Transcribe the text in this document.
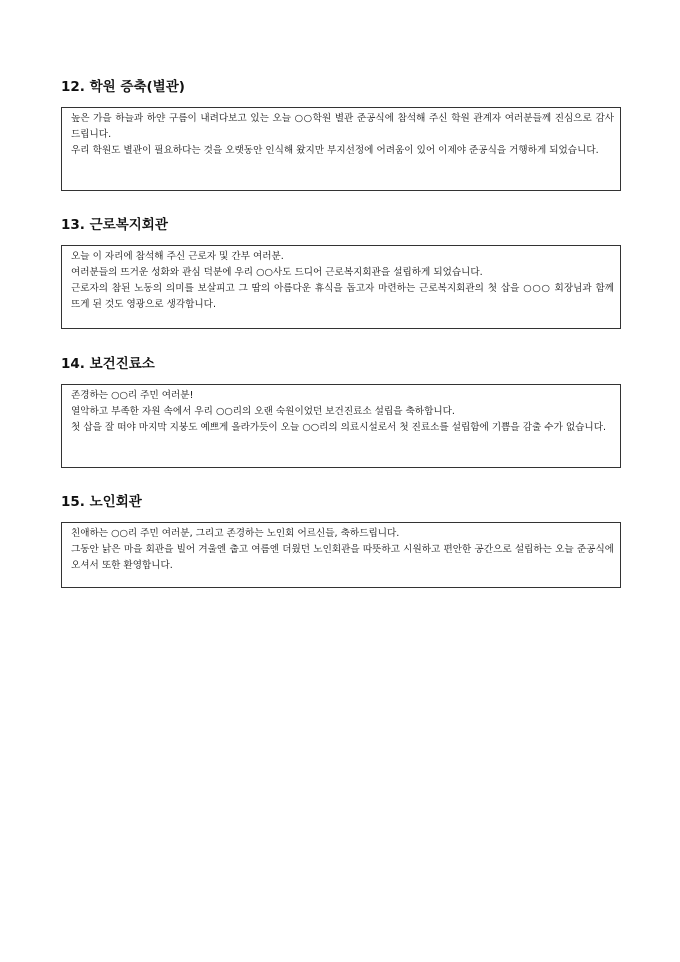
12. 학원 증축(별관)

높은 가을 하늘과 하얀 구름이 내려다보고 있는 오늘 ○○학원 별관 준공식에 참석해 주신 학원 관계자 여러분들께 진심으로 감사 드립니다.

우리 학원도 별관이 필요하다는 것을 오랫동안 인식해 왔지만 부지선정에 어려움이 있어 이제야 준공식을 거행하게 되었습니다.

13. 근로복지회관

오늘 이 자리에 참석해 주신 근로자 및 간부 여러분.

여러분들의 뜨거운 성화와 관심 덕분에 우리 ○○사도 드디어 근로복지회관을 설립하게 되었습니다.

근로자의 참된 노동의 의미를 보살피고 그 땀의 아름다운 휴식을 돕고자 마련하는 근로복지회관의 첫 삽을 ○○○ 회장님과 함께 뜨게 된 것도 영광으로 생각합니다.

14. 보건진료소

존경하는 ○○리 주민 여러분!

열악하고 부족한 자원 속에서 우리 ○○리의 오랜 숙원이었던 보건진료소 설립을 축하합니다.

첫 삽을 잘 떠야 마지막 지붕도 예쁘게 올라가듯이 오늘 ○○리의 의료시설로서 첫 진료소를 설립함에 기쁨을 감출 수가 없습니다.

15. 노인회관

친애하는 ○○리 주민 여러분, 그리고 존경하는 노인회 어르신들, 축하드립니다.

그동안 낡은 마을 회관을 빌어 겨울엔 춥고 여름엔 더웠던 노인회관을 따뜻하고 시원하고 편안한 공간으로 설립하는 오늘 준공식에 오셔서 또한 환영합니다.
